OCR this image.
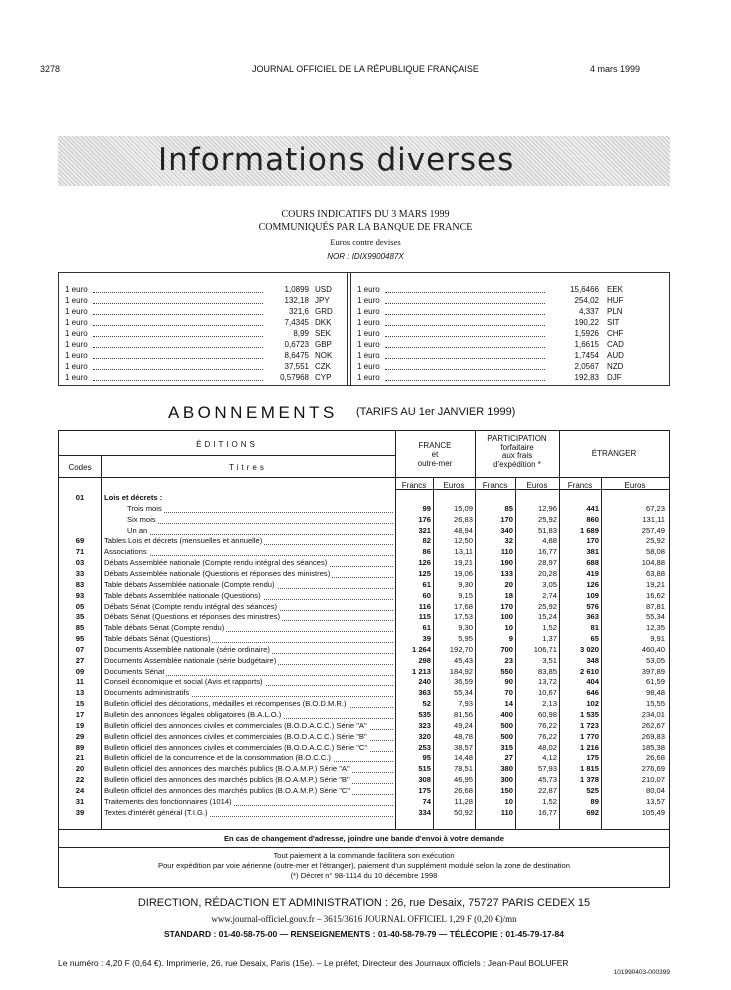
3278	JOURNAL OFFICIEL DE LA RÉPUBLIQUE FRANÇAISE	4 mars 1999
Informations diverses
COURS INDICATIFS DU 3 MARS 1999
COMMUNIQUÉS PAR LA BANQUE DE FRANCE
Euros contre devises
NOR : IDIX9900487X
1 euro	1,0899 USD
1 euro	132,18 JPY
1 euro	321,6 GRD
1 euro	7,4345 DKK
1 euro	8,99 SEK
1 euro	0,6723 GBP
1 euro	8,6475 NOK
1 euro	37,551 CZK
1 euro	0,57968 CYP
1 euro	15,6466 EEK
1 euro	254,02 HUF
1 euro	4,337 PLN
1 euro	190,22 SIT
1 euro	1,5926 CHF
1 euro	1,6615 CAD
1 euro	1,7454 AUD
1 euro	2,0567 NZD
1 euro	192,83 DJF
ABONNEMENTS (TARIFS AU 1er JANVIER 1999)
ÉDITIONS
Codes	Titres
FRANCE
et
outre-mer
PARTICIPATION
forfaitaire
aux frais
d'expédition *
ÉTRANGER
Francs	Euros	Francs	Euros	Francs	Euros
01	Lois et décrets :
Trois mois	99	15,09	85	12,96	441	67,23
Six mois	176	26,83	170	25,92	860	131,11
Un an	321	48,94	340	51,83	1 689	257,49
69	Tables Lois et décrets (mensuelles et annuelle)	82	12,50	32	4,88	170	25,92
71	Associations	86	13,11	110	16,77	381	58,08
03	Débats Assemblée nationale (Compte rendu intégral des séances)	126	19,21	190	28,97	688	104,88
33	Débats Assemblée nationale (Questions et réponses des ministres)	125	19,06	133	20,28	419	63,88
83	Table débats Assemblée nationale (Compte rendu)	61	9,30	20	3,05	126	19,21
93	Table débats Assemblée nationale (Questions)	60	9,15	18	2,74	109	16,62
05	Débats Sénat (Compte rendu intégral des séances)	116	17,68	170	25,92	576	87,81
35	Débats Sénat (Questions et réponses des ministres)	115	17,53	100	15,24	363	55,34
85	Table débats Sénat (Compte rendu)	61	9,30	10	1,52	81	12,35
95	Table débats Sénat (Questions)	39	5,95	9	1,37	65	9,91
07	Documents Assemblée nationale (série ordinaire)	1 264	192,70	700	106,71	3 020	460,40
27	Documents Assemblée nationale (série budgétaire)	298	45,43	23	3,51	348	53,05
09	Documents Sénat	1 213	184,92	550	83,85	2 610	397,89
11	Conseil économique et social (Avis et rapports)	240	36,59	90	13,72	404	61,59
13	Documents administratifs	363	55,34	70	10,67	646	98,48
15	Bulletin officiel des décorations, médailles et récompenses (B.O.D.M.R.)	52	7,93	14	2,13	102	15,55
17	Bulletin des annonces légales obligatoires (B.A.L.O.)	535	81,56	400	60,98	1 535	234,01
19	Bulletin officiel des annonces civiles et commerciales (B.O.D.A.C.C.) Série "A"	323	49,24	500	76,22	1 723	262,67
29	Bulletin officiel des annonces civiles et commerciales (B.O.D.A.C.C.) Série "B"	320	48,78	500	76,22	1 770	269,83
89	Bulletin officiel des annonces civiles et commerciales (B.O.D.A.C.C.) Série "C"	253	38,57	315	48,02	1 216	185,38
21	Bulletin officiel de la concurrence et de la consommation (B.O.C.C.)	95	14,48	27	4,12	175	26,68
20	Bulletin officiel des annonces des marchés publics (B.O.A.M.P.) Série "A"	515	78,51	380	57,93	1 815	276,69
22	Bulletin officiel des annonces des marchés publics (B.O.A.M.P.) Série "B"	308	46,95	300	45,73	1 378	210,07
24	Bulletin officiel des annonces des marchés publics (B.O.A.M.P.) Série "C"	175	26,68	150	22,87	525	80,04
31	Traitements des fonctionnaires (1014)	74	11,28	10	1,52	89	13,57
39	Textes d'intérêt général (T.I.G.)	334	50,92	110	16,77	692	105,49
En cas de changement d'adresse, joindre une bande d'envoi à votre demande
Tout paiement à la commande facilitera son exécution
Pour expédition par voie aérienne (outre-mer et l'étranger), paiement d'un supplément modulé selon la zone de destination
(*) Décret n° 98-1114 du 10 décembre 1998
DIRECTION, RÉDACTION ET ADMINISTRATION : 26, rue Desaix, 75727 PARIS CEDEX 15
www.journal-officiel.gouv.fr – 3615/3616 JOURNAL OFFICIEL 1,29 F (0,20 €)/mn
STANDARD : 01-40-58-75-00 — RENSEIGNEMENTS : 01-40-58-79-79 — TÉLÉCOPIE : 01-45-79-17-84
Le numéro : 4,20 F (0,64 €). Imprimerie, 26, rue Desaix, Paris (15e). – Le préfet, Directeur des Journaux officiels : Jean-Paul BOLUFER
101990403-000399
